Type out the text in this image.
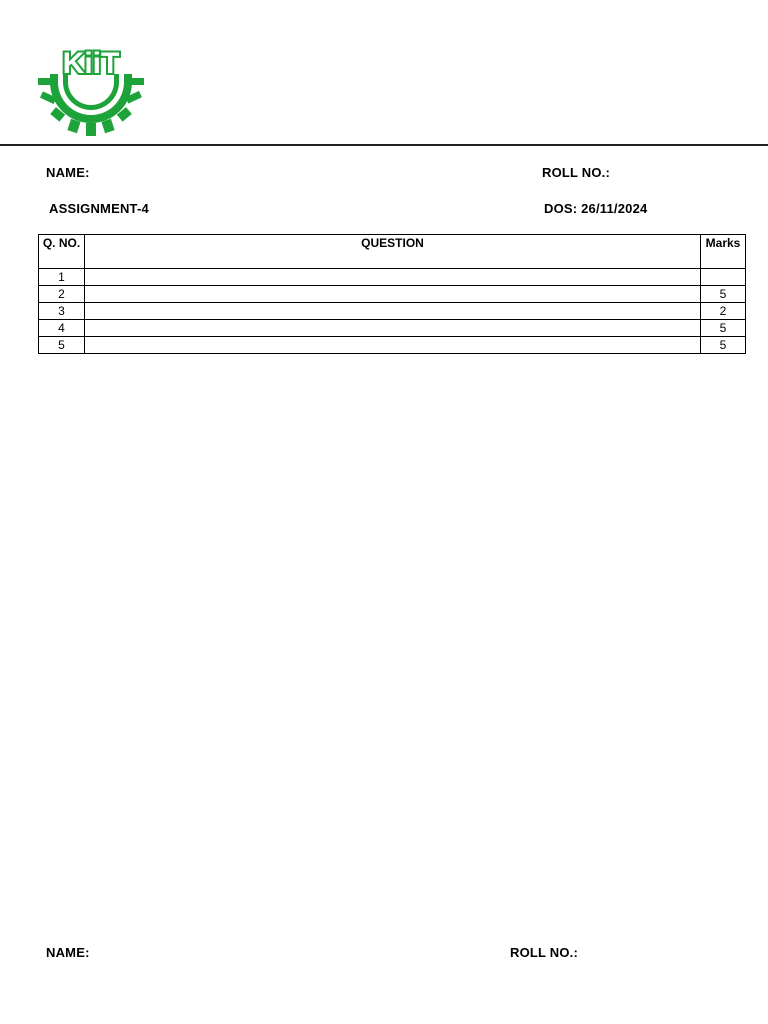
KiiT
NAME:	ROLL NO.:
ASSIGNMENT-4	DOS: 26/11/2024
Q. NO.	QUESTION	Marks
1		
2		5
3		2
4		5
5		5
NAME:	ROLL NO.:
